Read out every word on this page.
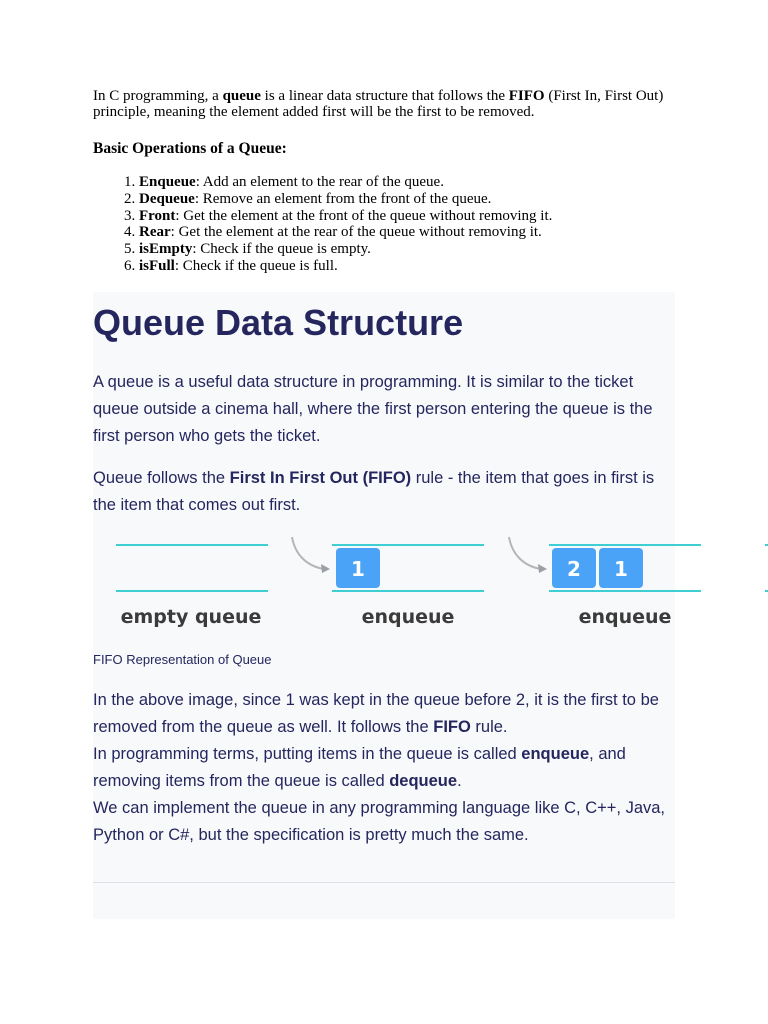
In C programming, a queue is a linear data structure that follows the FIFO (First In, First Out) principle, meaning the element added first will be the first to be removed.

Basic Operations of a Queue:
1. Enqueue: Add an element to the rear of the queue.
2. Dequeue: Remove an element from the front of the queue.
3. Front: Get the element at the front of the queue without removing it.
4. Rear: Get the element at the rear of the queue without removing it.
5. isEmpty: Check if the queue is empty.
6. isFull: Check if the queue is full.
Queue Data Structure

A queue is a useful data structure in programming. It is similar to the ticket queue outside a cinema hall, where the first person entering the queue is the first person who gets the ticket.

Queue follows the First In First Out (FIFO) rule - the item that goes in first is the item that comes out first.

empty queue
1
enqueue
2 1
enqueue

FIFO Representation of Queue

In the above image, since 1 was kept in the queue before 2, it is the first to be removed from the queue as well. It follows the FIFO rule.
In programming terms, putting items in the queue is called enqueue, and removing items from the queue is called dequeue.
We can implement the queue in any programming language like C, C++, Java, Python or C#, but the specification is pretty much the same.
